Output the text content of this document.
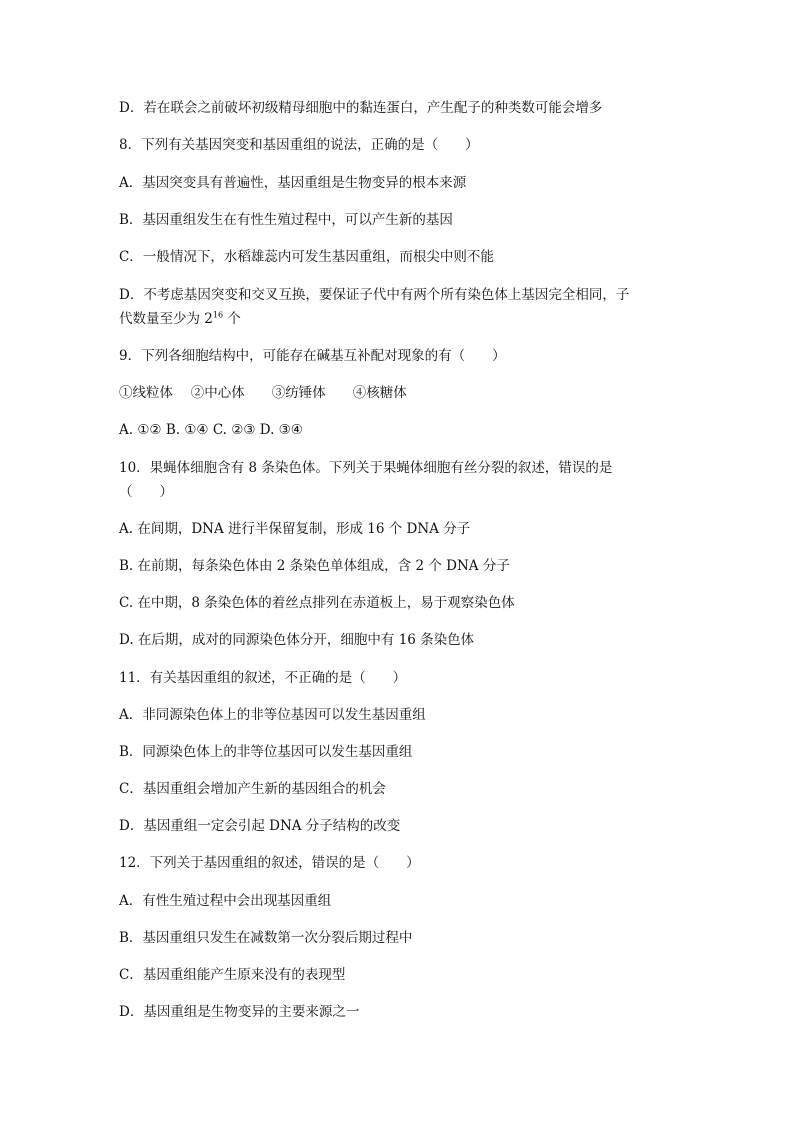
D．若在联会之前破坏初级精母细胞中的黏连蛋白，产生配子的种类数可能会增多
8．下列有关基因突变和基因重组的说法，正确的是（　　）
A．基因突变具有普遍性，基因重组是生物变异的根本来源
B．基因重组发生在有性生殖过程中，可以产生新的基因
C．一般情况下，水稻雄蕊内可发生基因重组，而根尖中则不能
D．不考虑基因突变和交叉互换，要保证子代中有两个所有染色体上基因完全相同，子
代数量至少为 $2^{16}$ 个
9．下列各细胞结构中，可能存在碱基互补配对现象的有（　　）
①线粒体　 ②中心体　　③纺锤体　　④核糖体
A. ①② B. ①④ C. ②③ D. ③④
10．果蝇体细胞含有 8 条染色体。下列关于果蝇体细胞有丝分裂的叙述，错误的是
（　　）
A. 在间期，DNA 进行半保留复制，形成 16 个 DNA 分子
B. 在前期，每条染色体由 2 条染色单体组成，含 2 个 DNA 分子
C. 在中期，8 条染色体的着丝点排列在赤道板上，易于观察染色体
D. 在后期，成对的同源染色体分开，细胞中有 16 条染色体
11．有关基因重组的叙述，不正确的是（　　）
A．非同源染色体上的非等位基因可以发生基因重组
B．同源染色体上的非等位基因可以发生基因重组
C．基因重组会增加产生新的基因组合的机会
D．基因重组一定会引起 DNA 分子结构的改变
12．下列关于基因重组的叙述，错误的是（　　）
A．有性生殖过程中会出现基因重组
B．基因重组只发生在减数第一次分裂后期过程中
C．基因重组能产生原来没有的表现型
D．基因重组是生物变异的主要来源之一
